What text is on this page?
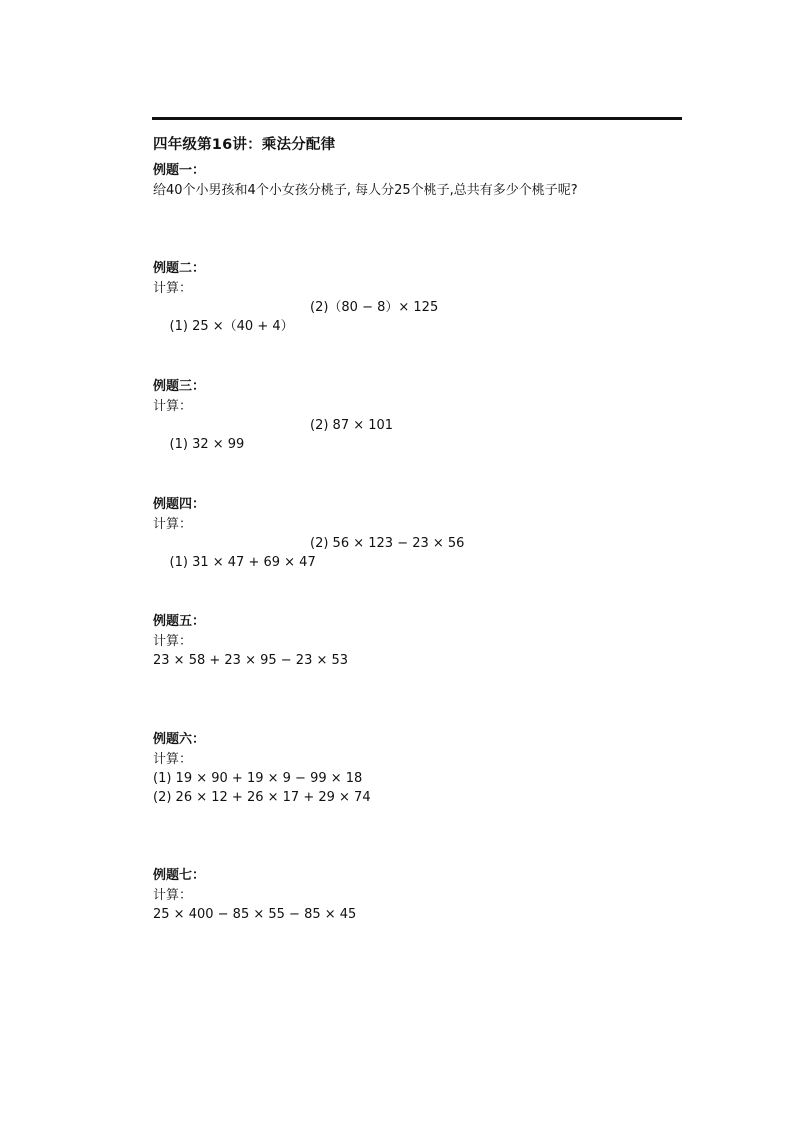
四年级第16讲：乘法分配律
例题一：
给40个小男孩和4个小女孩分桃子, 每人分25个桃子,总共有多少个桃子呢?
例题二：
计算：

(1) 25 ×（40 + 4）

(2)（80 − 8）× 125

例题三：
计算：

(1) 32 × 99

(2) 87 × 101

例题四：
计算：

(1) 31 × 47 + 69 × 47

(2) 56 × 123 − 23 × 56

例题五：
计算：
23 × 58 + 23 × 95 − 23 × 53
例题六：
计算：
(1) 19 × 90 + 19 × 9 − 99 × 18
(2) 26 × 12 + 26 × 17 + 29 × 74
例题七：
计算：
25 × 400 − 85 × 55 − 85 × 45
